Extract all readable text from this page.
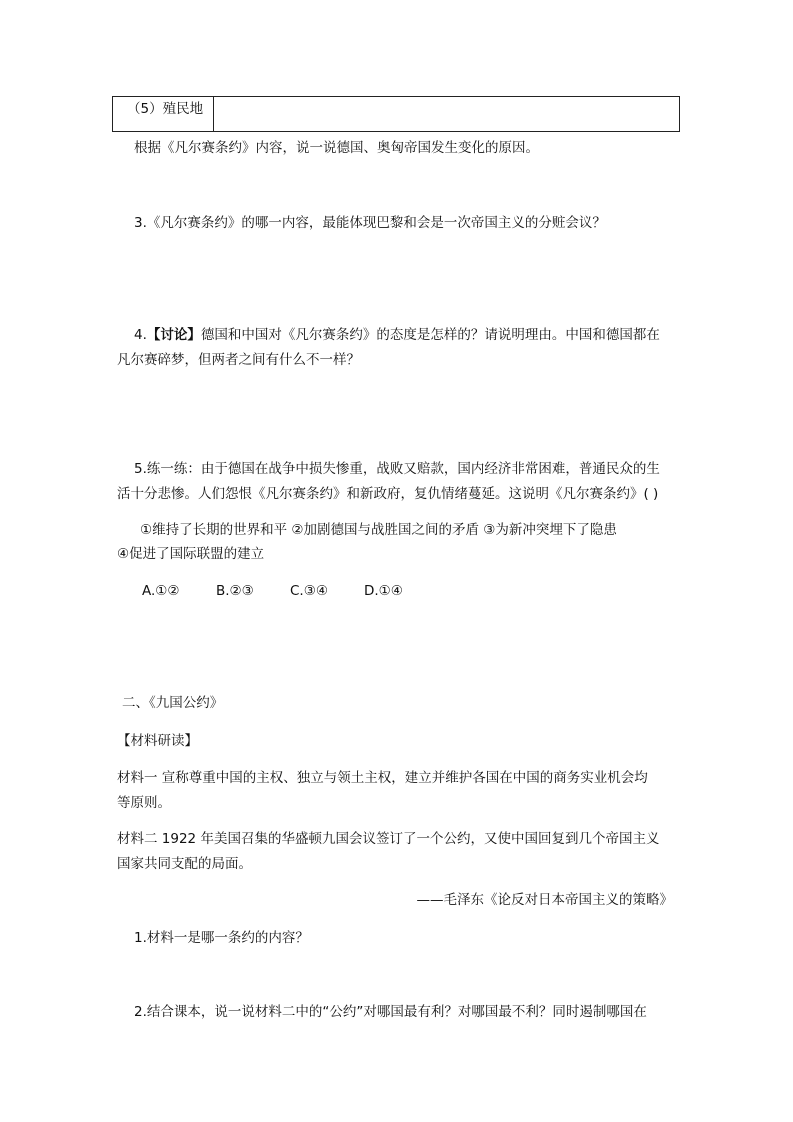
（5）殖民地
根据《凡尔赛条约》内容，说一说德国、奥匈帝国发生变化的原因。
3.《凡尔赛条约》的哪一内容，最能体现巴黎和会是一次帝国主义的分赃会议？
4.【讨论】德国和中国对《凡尔赛条约》的态度是怎样的？请说明理由。中国和德国都在
凡尔赛碎梦，但两者之间有什么不一样？
5.练一练：由于德国在战争中损失惨重，战败又赔款，国内经济非常困难，普通民众的生
活十分悲惨。人们怨恨《凡尔赛条约》和新政府，复仇情绪蔓延。这说明《凡尔赛条约》( )
①维持了长期的世界和平 ②加剧德国与战胜国之间的矛盾 ③为新冲突埋下了隐患
④促进了国际联盟的建立
A.①②	B.②③	C.③④	D.①④
二、《九国公约》
【材料研读】
材料一 宣称尊重中国的主权、独立与领土主权，建立并维护各国在中国的商务实业机会均
等原则。
材料二 1922 年美国召集的华盛顿九国会议签订了一个公约，又使中国回复到几个帝国主义
国家共同支配的局面。
——毛泽东《论反对日本帝国主义的策略》
1.材料一是哪一条约的内容？
2.结合课本，说一说材料二中的“公约”对哪国最有利？对哪国最不利？同时遏制哪国在
